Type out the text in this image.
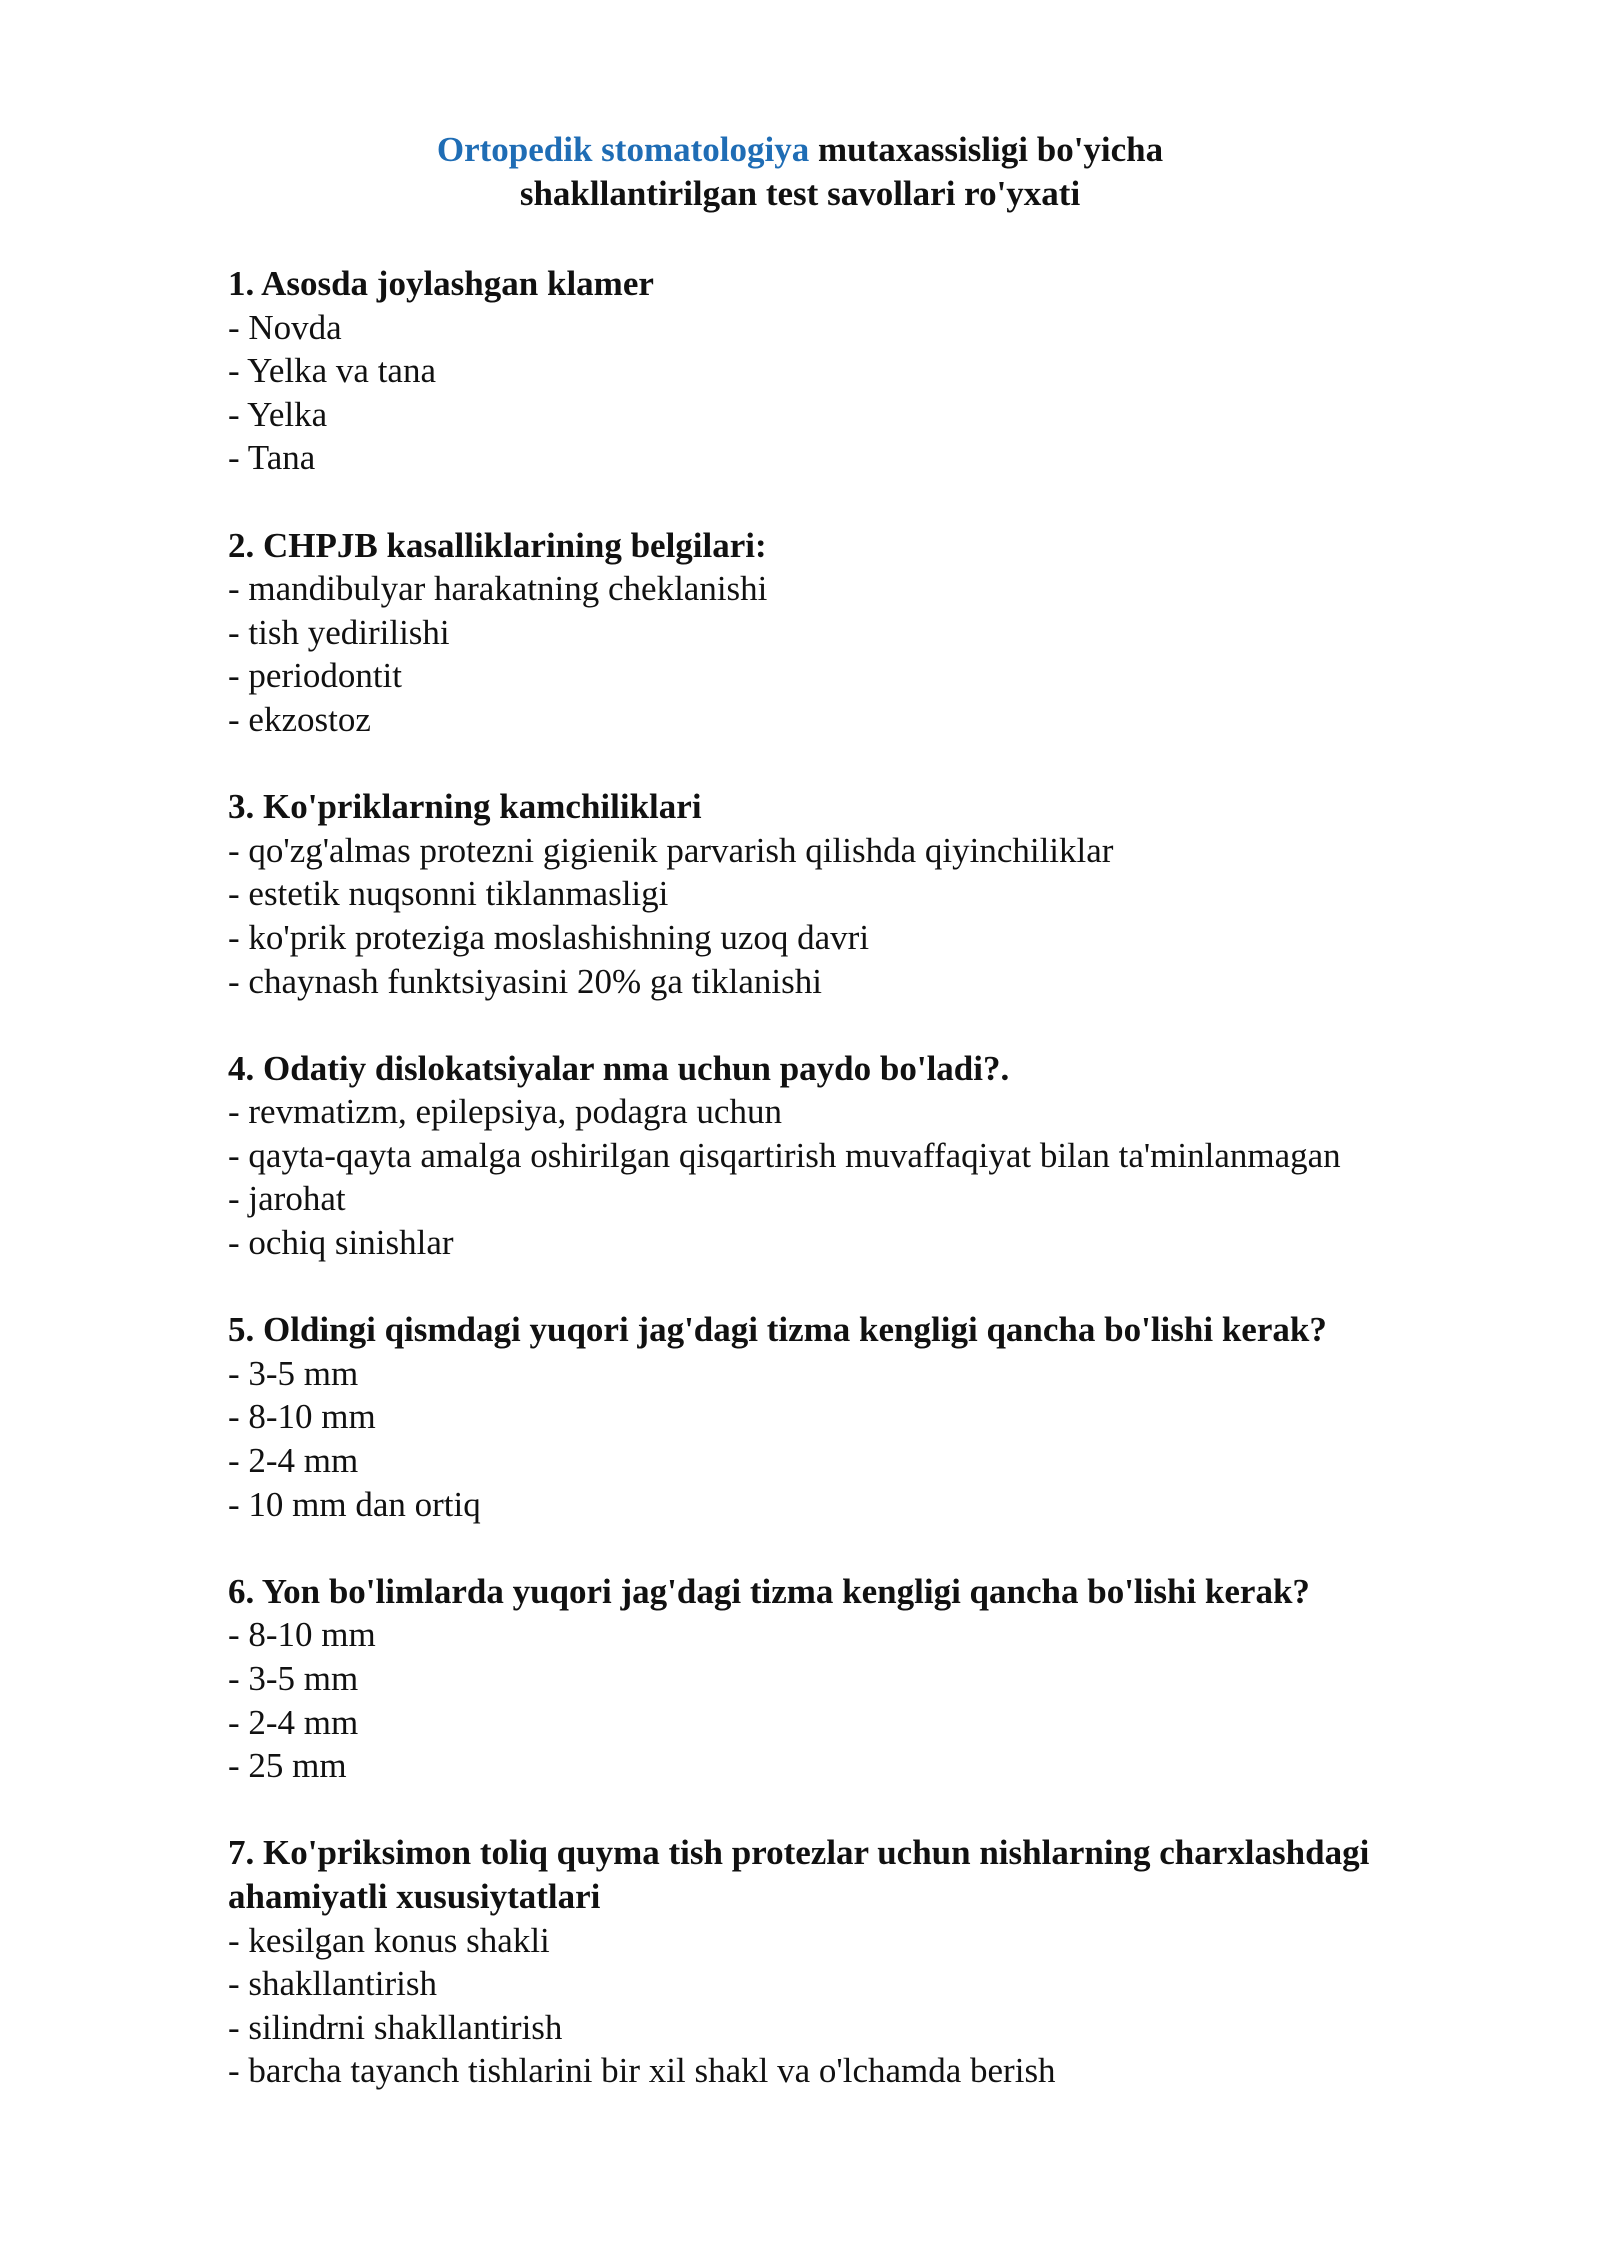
Ortopedik stomatologiya mutaxassisligi bo'yicha
shakllantirilgan test savollari ro'yxati
1. Asosda joylashgan klamer
- Novda
- Yelka va tana
- Yelka
- Tana
2. CHPJB kasalliklarining belgilari:
- mandibulyar harakatning cheklanishi
- tish yedirilishi
- periodontit
- ekzostoz
3. Ko'priklarning kamchiliklari
- qo'zg'almas protezni gigienik parvarish qilishda qiyinchiliklar
- estetik nuqsonni tiklanmasligi
- ko'prik proteziga moslashishning uzoq davri
- chaynash funktsiyasini 20% ga tiklanishi
4. Odatiy dislokatsiyalar nma uchun paydo bo'ladi?.
- revmatizm, epilepsiya, podagra uchun
- qayta-qayta amalga oshirilgan qisqartirish muvaffaqiyat bilan ta'minlanmagan
- jarohat
- ochiq sinishlar
5. Oldingi qismdagi yuqori jag'dagi tizma kengligi qancha bo'lishi kerak?
- 3-5 mm
- 8-10 mm
- 2-4 mm
- 10 mm dan ortiq
6. Yon bo'limlarda yuqori jag'dagi tizma kengligi qancha bo'lishi kerak?
- 8-10 mm
- 3-5 mm
- 2-4 mm
- 25 mm
7. Ko'priksimon toliq quyma tish protezlar uchun nishlarning charxlashdagi ahamiyatli xususiytatlari
- kesilgan konus shakli
- shakllantirish
- silindrni shakllantirish
- barcha tayanch tishlarini bir xil shakl va o'lchamda berish
